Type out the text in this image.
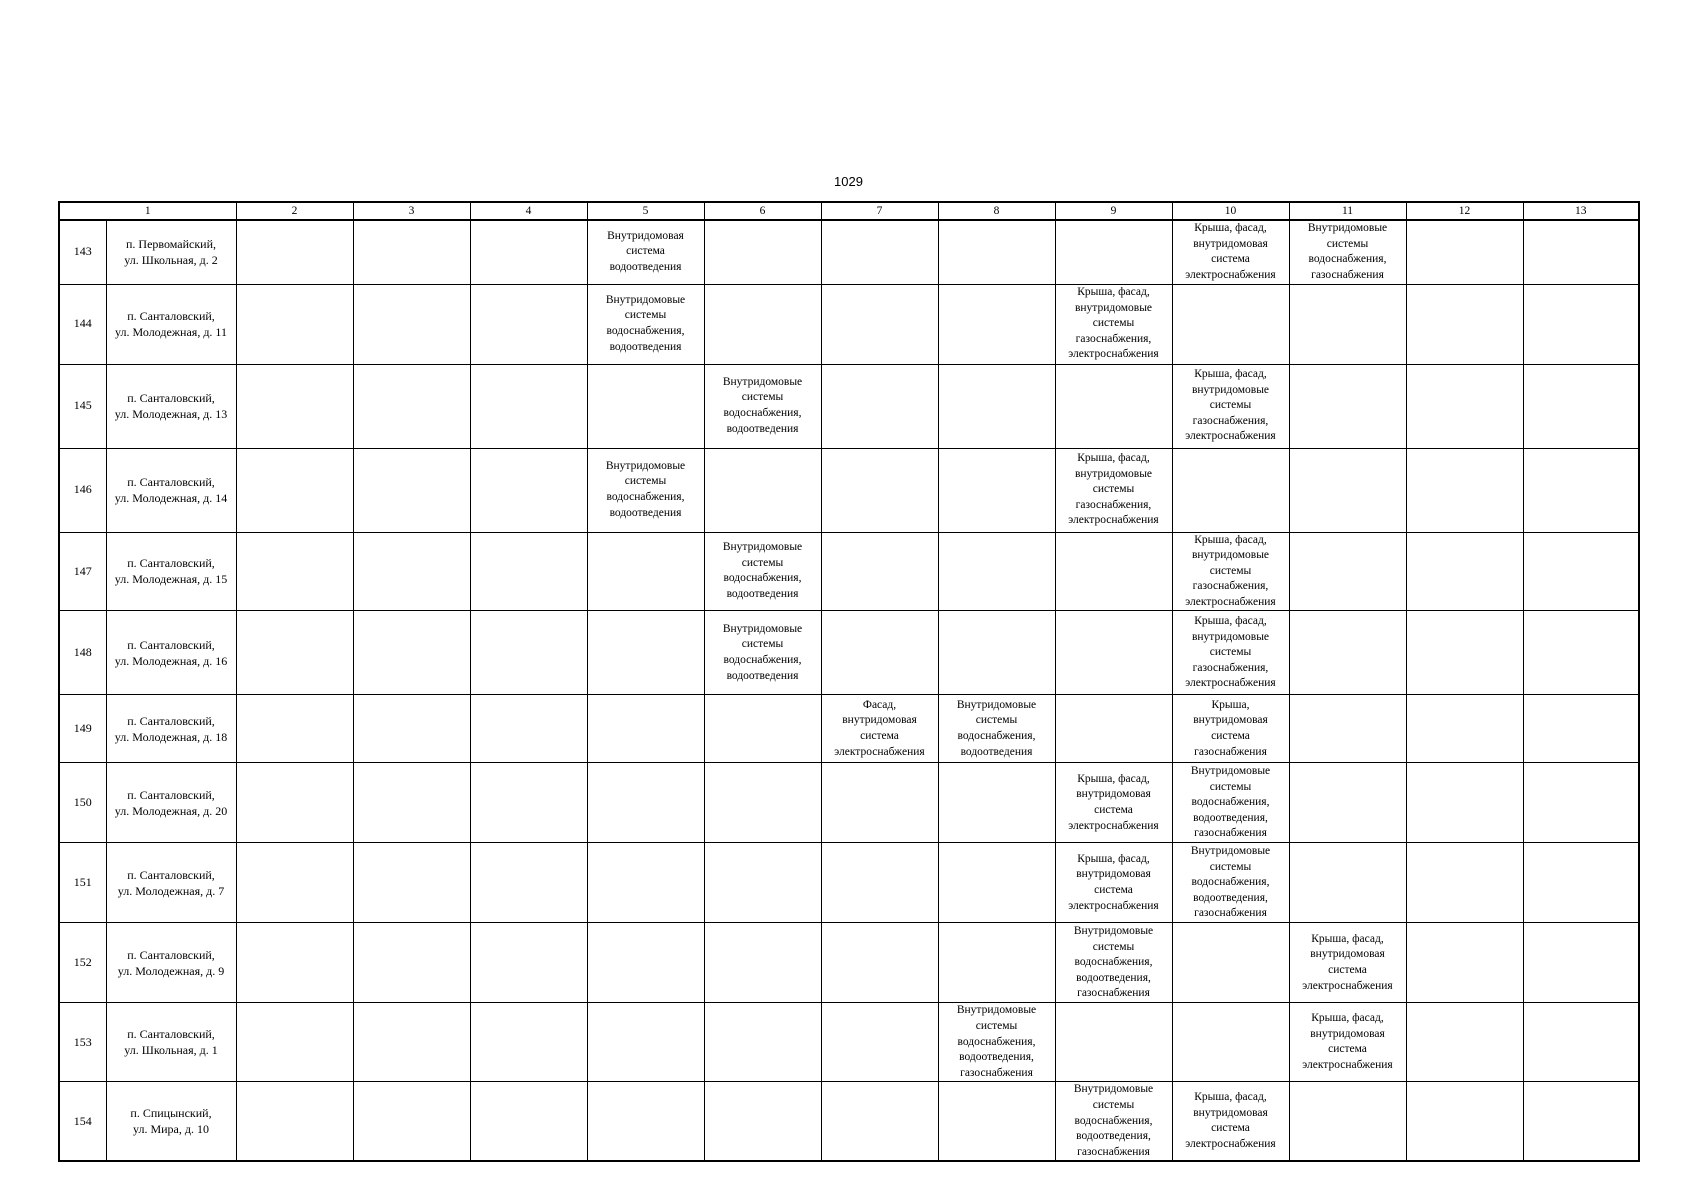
1029
1		2	3	4	5	6	7	8	9	10	11	12	13
143	п. Первомайский,
ул. Школьная, д. 2				Внутридомовая
система
водоотведения					Крыша, фасад,
внутридомовая
система
электроснабжения	Внутридомовые
системы
водоснабжения,
газоснабжения		
144	п. Санталовский,
ул. Молодежная, д. 11				Внутридомовые
системы
водоснабжения,
водоотведения				Крыша, фасад,
внутридомовые
системы
газоснабжения,
электроснабжения				
145	п. Санталовский,
ул. Молодежная, д. 13					Внутридомовые
системы
водоснабжения,
водоотведения				Крыша, фасад,
внутридомовые
системы
газоснабжения,
электроснабжения			
146	п. Санталовский,
ул. Молодежная, д. 14				Внутридомовые
системы
водоснабжения,
водоотведения				Крыша, фасад,
внутридомовые
системы
газоснабжения,
электроснабжения				
147	п. Санталовский,
ул. Молодежная, д. 15					Внутридомовые
системы
водоснабжения,
водоотведения				Крыша, фасад,
внутридомовые
системы
газоснабжения,
электроснабжения			
148	п. Санталовский,
ул. Молодежная, д. 16					Внутридомовые
системы
водоснабжения,
водоотведения				Крыша, фасад,
внутридомовые
системы
газоснабжения,
электроснабжения			
149	п. Санталовский,
ул. Молодежная, д. 18						Фасад,
внутридомовая
система
электроснабжения	Внутридомовые
системы
водоснабжения,
водоотведения		Крыша,
внутридомовая
система
газоснабжения			
150	п. Санталовский,
ул. Молодежная, д. 20								Крыша, фасад,
внутридомовая
система
электроснабжения	Внутридомовые
системы
водоснабжения,
водоотведения,
газоснабжения			
151	п. Санталовский,
ул. Молодежная, д. 7								Крыша, фасад,
внутридомовая
система
электроснабжения	Внутридомовые
системы
водоснабжения,
водоотведения,
газоснабжения			
152	п. Санталовский,
ул. Молодежная, д. 9								Внутридомовые
системы
водоснабжения,
водоотведения,
газоснабжения		Крыша, фасад,
внутридомовая
система
электроснабжения		
153	п. Санталовский,
ул. Школьная, д. 1							Внутридомовые
системы
водоснабжения,
водоотведения,
газоснабжения			Крыша, фасад,
внутридомовая
система
электроснабжения		
154	п. Спицынский,
ул. Мира, д. 10								Внутридомовые
системы
водоснабжения,
водоотведения,
газоснабжения	Крыша, фасад,
внутридомовая
система
электроснабжения			
